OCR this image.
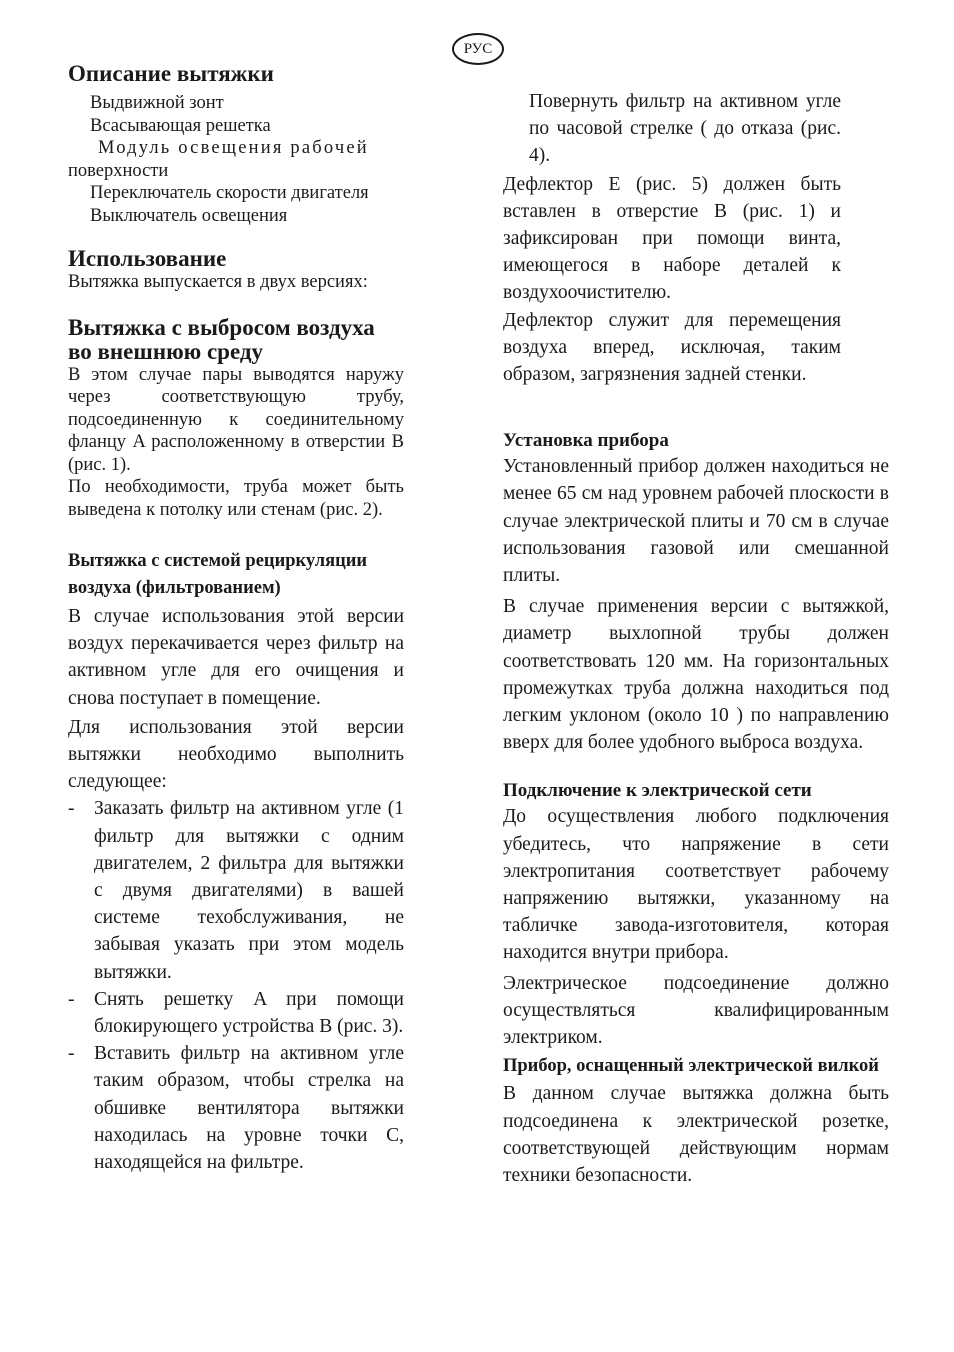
РУС
Описание вытяжки

Выдвижной зонт

Всасывающая решетка

Модуль освещения рабочей

поверхности

Переключатель скорости двигателя

Выключатель освещения

Использование

Вытяжка выпускается в двух версиях:

Вытяжка с выбросом воздуха
во внешнюю среду

В этом случае пары выводятся наружу через соответствующую трубу, подсоединенную к соединительному фланцу A расположенному в отверстии B (рис. 1).

По необходимости, труба может быть выведена к потолку или стенам (рис. 2).

Вытяжка с системой рециркуляции
воздуха (фильтрованием)

В случае использования этой версии воздух перекачивается через фильтр на активном угле для его очищения и снова поступает в помещение.

Для использования этой версии вытяжки необходимо выполнить следующее:

-	Заказать фильтр на активном угле (1 фильтр для вытяжки с одним двигателем, 2 фильтра для вытяжки с двумя двигателями) в вашей системе техобслуживания, не забывая указать при этом модель вытяжки.

-	Снять решетку A при помощи блокирующего устройства B (рис. 3).

-	Вставить фильтр на активном угле таким образом, чтобы стрелка на обшивке вентилятора вытяжки находилась на уровне точки C, находящейся на фильтре.

Повернуть фильтр на активном угле по часовой стрелке ( до отказа (рис. 4).

Дефлектор E (рис. 5) должен быть вставлен в отверстие B (рис. 1) и зафиксирован при помощи винта, имеющегося в наборе деталей к воздухоочистителю.

Дефлектор служит для перемещения воздуха вперед, исключая, таким образом, загрязнения задней стенки.

Установка прибора

Установленный прибор должен находиться не менее 65 см над уровнем рабочей плоскости в случае электрической плиты и 70 см в случае использования газовой или смешанной плиты.

В случае применения версии с вытяжкой, диаметр выхлопной трубы должен соответствовать 120 мм. На горизонтальных промежутках труба должна находиться под легким уклоном (около 10 ) по направлению вверх для более удобного выброса воздуха.

Подключение к электрической сети

До осуществления любого подключения убедитесь, что напряжение в сети электропитания соответствует рабочему напряжению вытяжки, указанному на табличке завода-изготовителя, которая находится внутри прибора.

Электрическое подсоединение должно осуществляться квалифицированным электриком.

Прибор, оснащенный электрической вилкой

В данном случае вытяжка должна быть подсоединена к электрической розетке, соответствующей действующим нормам техники безопасности.
